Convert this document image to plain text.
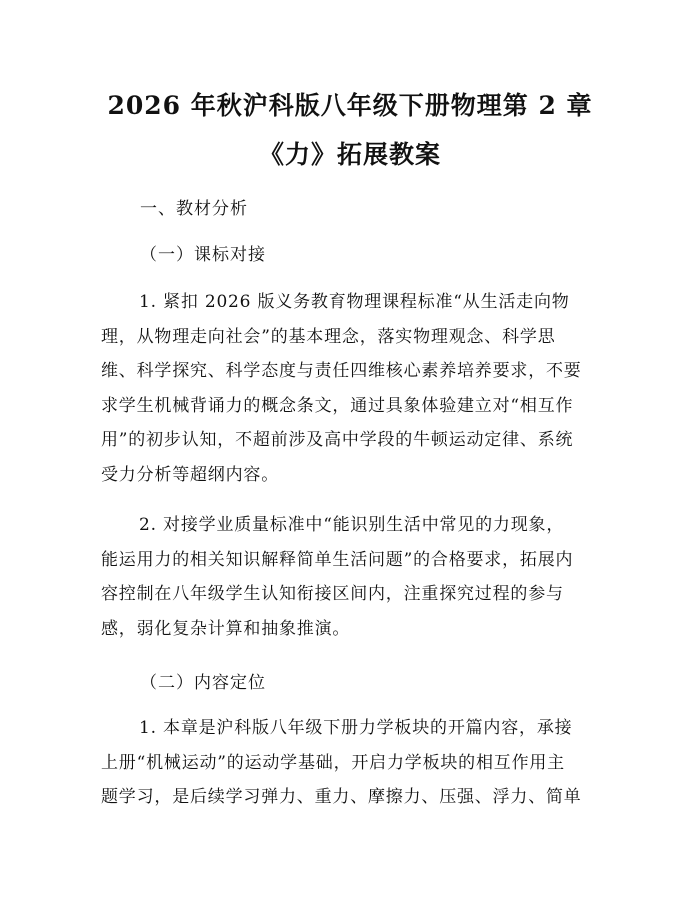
2026 年秋沪科版八年级下册物理第 2 章
《力》拓展教案
一、教材分析
（一）课标对接
1. 紧扣 2026 版义务教育物理课程标准“从生活走向物
理，从物理走向社会”的基本理念，落实物理观念、科学思
维、科学探究、科学态度与责任四维核心素养培养要求，不要
求学生机械背诵力的概念条文，通过具象体验建立对“相互作
用”的初步认知，不超前涉及高中学段的牛顿运动定律、系统
受力分析等超纲内容。
2. 对接学业质量标准中“能识别生活中常见的力现象，
能运用力的相关知识解释简单生活问题”的合格要求，拓展内
容控制在八年级学生认知衔接区间内，注重探究过程的参与
感，弱化复杂计算和抽象推演。
（二）内容定位
1. 本章是沪科版八年级下册力学板块的开篇内容，承接
上册“机械运动”的运动学基础，开启力学板块的相互作用主
题学习，是后续学习弹力、重力、摩擦力、压强、浮力、简单
